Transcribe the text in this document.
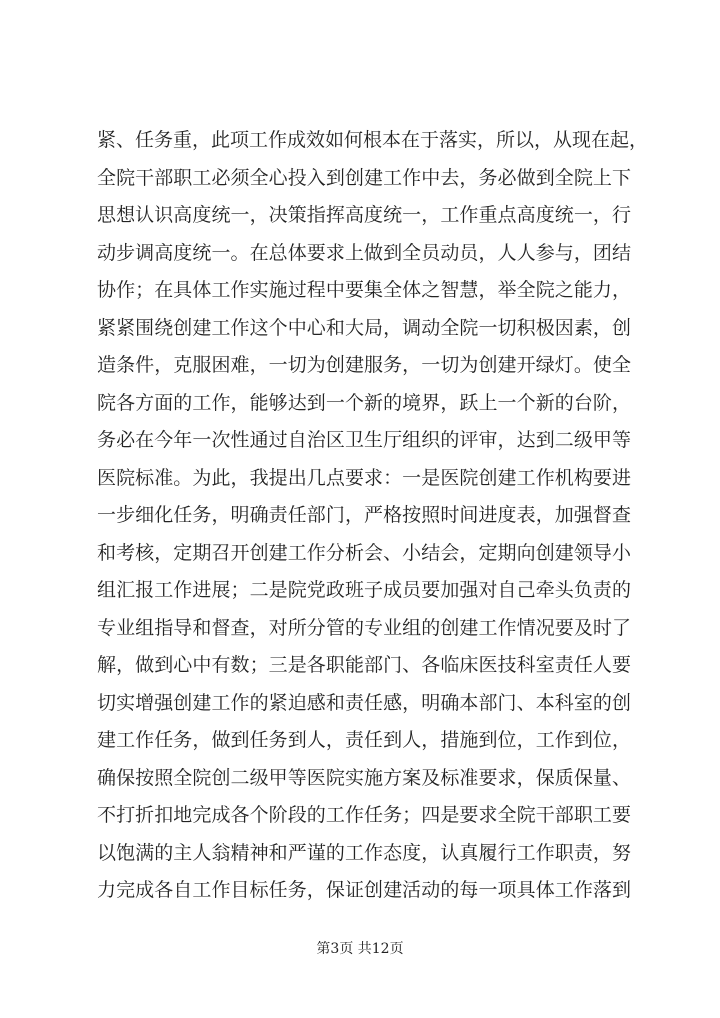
紧、任务重，此项工作成效如何根本在于落实，所以，从现在起，
全院干部职工必须全心投入到创建工作中去，务必做到全院上下
思想认识高度统一，决策指挥高度统一，工作重点高度统一，行
动步调高度统一。在总体要求上做到全员动员，人人参与，团结
协作；在具体工作实施过程中要集全体之智慧，举全院之能力，
紧紧围绕创建工作这个中心和大局，调动全院一切积极因素，创
造条件，克服困难，一切为创建服务，一切为创建开绿灯。使全
院各方面的工作，能够达到一个新的境界，跃上一个新的台阶，
务必在今年一次性通过自治区卫生厅组织的评审，达到二级甲等
医院标准。为此，我提出几点要求：一是医院创建工作机构要进
一步细化任务，明确责任部门，严格按照时间进度表，加强督查
和考核，定期召开创建工作分析会、小结会，定期向创建领导小
组汇报工作进展；二是院党政班子成员要加强对自己牵头负责的
专业组指导和督查，对所分管的专业组的创建工作情况要及时了
解，做到心中有数；三是各职能部门、各临床医技科室责任人要
切实增强创建工作的紧迫感和责任感，明确本部门、本科室的创
建工作任务，做到任务到人，责任到人，措施到位，工作到位，
确保按照全院创二级甲等医院实施方案及标准要求，保质保量、
不打折扣地完成各个阶段的工作任务；四是要求全院干部职工要
以饱满的主人翁精神和严谨的工作态度，认真履行工作职责，努
力完成各自工作目标任务，保证创建活动的每一项具体工作落到
第3页 共12页
